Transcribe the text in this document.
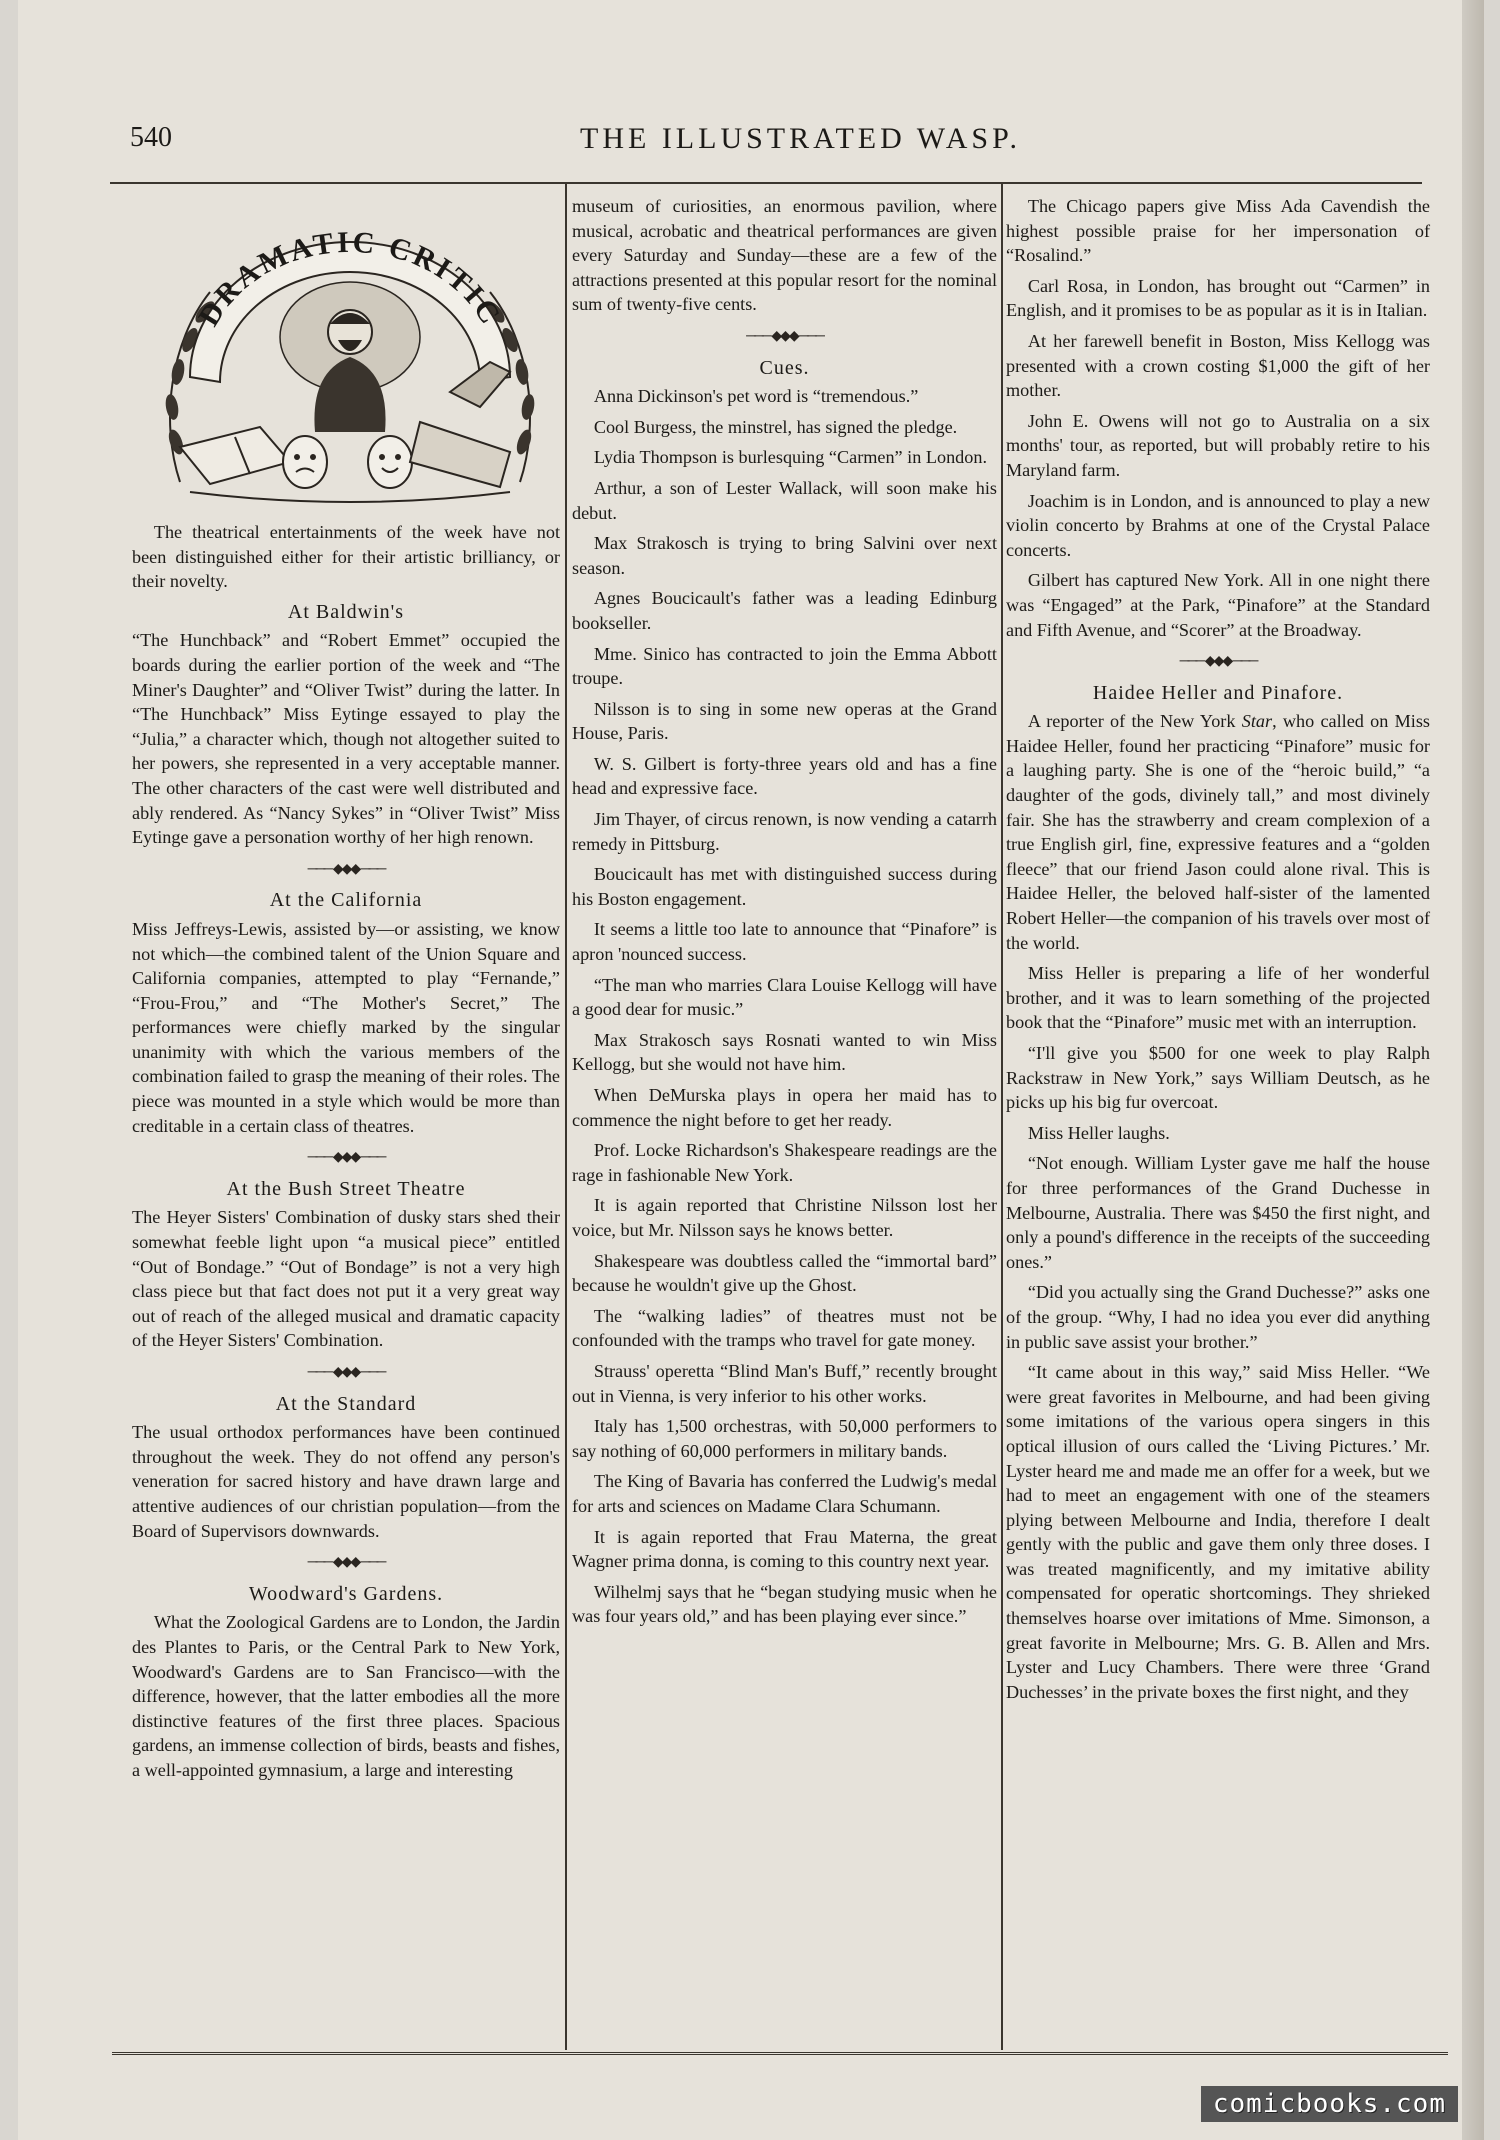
540	THE ILLUSTRATED WASP.
DRAMATIC CRITIC

The theatrical entertainments of the week have not been distinguished either for their artistic brilliancy, or their novelty.

At Baldwin's

“The Hunchback” and “Robert Emmet” occupied the boards during the earlier portion of the week and “The Miner's Daughter” and “Oliver Twist” during the latter. In “The Hunchback” Miss Eytinge essayed to play the “Julia,” a character which, though not altogether suited to her powers, she represented in a very acceptable manner. The other characters of the cast were well distributed and ably rendered. As “Nancy Sykes” in “Oliver Twist” Miss Eytinge gave a personation worthy of her high renown.

─── ◆◆◆ ───
At the California

Miss Jeffreys-Lewis, assisted by—or assisting, we know not which—the combined talent of the Union Square and California companies, attempted to play “Fernande,” “Frou-Frou,” and “The Mother's Secret,” The performances were chiefly marked by the singular unanimity with which the various members of the combination failed to grasp the meaning of their roles. The piece was mounted in a style which would be more than creditable in a certain class of theatres.

─── ◆◆◆ ───
At the Bush Street Theatre

The Heyer Sisters' Combination of dusky stars shed their somewhat feeble light upon “a musical piece” entitled “Out of Bondage.” “Out of Bondage” is not a very high class piece but that fact does not put it a very great way out of reach of the alleged musical and dramatic capacity of the Heyer Sisters' Combination.

─── ◆◆◆ ───
At the Standard

The usual orthodox performances have been continued throughout the week. They do not offend any person's veneration for sacred history and have drawn large and attentive audiences of our christian population—from the Board of Supervisors downwards.

─── ◆◆◆ ───
Woodward's Gardens.

What the Zoological Gardens are to London, the Jardin des Plantes to Paris, or the Central Park to New York, Woodward's Gardens are to San Francisco—with the difference, however, that the latter embodies all the more distinctive features of the first three places. Spacious gardens, an immense collection of birds, beasts and fishes, a well-appointed gymnasium, a large and interesting

museum of curiosities, an enormous pavilion, where musical, acrobatic and theatrical performances are given every Saturday and Sunday—these are a few of the attractions presented at this popular resort for the nominal sum of twenty-five cents.

─── ◆◆◆ ───
Cues.

Anna Dickinson's pet word is “tremendous.”

Cool Burgess, the minstrel, has signed the pledge.

Lydia Thompson is burlesquing “Carmen” in London.

Arthur, a son of Lester Wallack, will soon make his debut.

Max Strakosch is trying to bring Salvini over next season.

Agnes Boucicault's father was a leading Edinburg bookseller.

Mme. Sinico has contracted to join the Emma Abbott troupe.

Nilsson is to sing in some new operas at the Grand House, Paris.

W. S. Gilbert is forty-three years old and has a fine head and expressive face.

Jim Thayer, of circus renown, is now vending a catarrh remedy in Pittsburg.

Boucicault has met with distinguished success during his Boston engagement.

It seems a little too late to announce that “Pinafore” is apron 'nounced success.

“The man who marries Clara Louise Kellogg will have a good dear for music.”

Max Strakosch says Rosnati wanted to win Miss Kellogg, but she would not have him.

When DeMurska plays in opera her maid has to commence the night before to get her ready.

Prof. Locke Richardson's Shakespeare readings are the rage in fashionable New York.

It is again reported that Christine Nilsson lost her voice, but Mr. Nilsson says he knows better.

Shakespeare was doubtless called the “immortal bard” because he wouldn't give up the Ghost.

The “walking ladies” of theatres must not be confounded with the tramps who travel for gate money.

Strauss' operetta “Blind Man's Buff,” recently brought out in Vienna, is very inferior to his other works.

Italy has 1,500 orchestras, with 50,000 performers to say nothing of 60,000 performers in military bands.

The King of Bavaria has conferred the Ludwig's medal for arts and sciences on Madame Clara Schumann.

It is again reported that Frau Materna, the great Wagner prima donna, is coming to this country next year.

Wilhelmj says that he “began studying music when he was four years old,” and has been playing ever since.”

The Chicago papers give Miss Ada Cavendish the highest possible praise for her impersonation of “Rosalind.”

Carl Rosa, in London, has brought out “Carmen” in English, and it promises to be as popular as it is in Italian.

At her farewell benefit in Boston, Miss Kellogg was presented with a crown costing $1,000 the gift of her mother.

John E. Owens will not go to Australia on a six months' tour, as reported, but will probably retire to his Maryland farm.

Joachim is in London, and is announced to play a new violin concerto by Brahms at one of the Crystal Palace concerts.

Gilbert has captured New York. All in one night there was “Engaged” at the Park, “Pinafore” at the Standard and Fifth Avenue, and “Scorer” at the Broadway.

─── ◆◆◆ ───
Haidee Heller and Pinafore.

A reporter of the New York Star, who called on Miss Haidee Heller, found her practicing “Pinafore” music for a laughing party. She is one of the “heroic build,” “a daughter of the gods, divinely tall,” and most divinely fair. She has the strawberry and cream complexion of a true English girl, fine, expressive features and a “golden fleece” that our friend Jason could alone rival. This is Haidee Heller, the beloved half-sister of the lamented Robert Heller—the companion of his travels over most of the world.

Miss Heller is preparing a life of her wonderful brother, and it was to learn something of the projected book that the “Pinafore” music met with an interruption.

“I'll give you $500 for one week to play Ralph Rackstraw in New York,” says William Deutsch, as he picks up his big fur overcoat.

Miss Heller laughs.

“Not enough. William Lyster gave me half the house for three performances of the Grand Duchesse in Melbourne, Australia. There was $450 the first night, and only a pound's difference in the receipts of the succeeding ones.”

“Did you actually sing the Grand Duchesse?” asks one of the group. “Why, I had no idea you ever did anything in public save assist your brother.”

“It came about in this way,” said Miss Heller. “We were great favorites in Melbourne, and had been giving some imitations of the various opera singers in this optical illusion of ours called the ‘Living Pictures.’ Mr. Lyster heard me and made me an offer for a week, but we had to meet an engagement with one of the steamers plying between Melbourne and India, therefore I dealt gently with the public and gave them only three doses. I was treated magnificently, and my imitative ability compensated for operatic shortcomings. They shrieked themselves hoarse over imitations of Mme. Simonson, a great favorite in Melbourne; Mrs. G. B. Allen and Mrs. Lyster and Lucy Chambers. There were three ‘Grand Duchesses’ in the private boxes the first night, and they

comicbooks.com
